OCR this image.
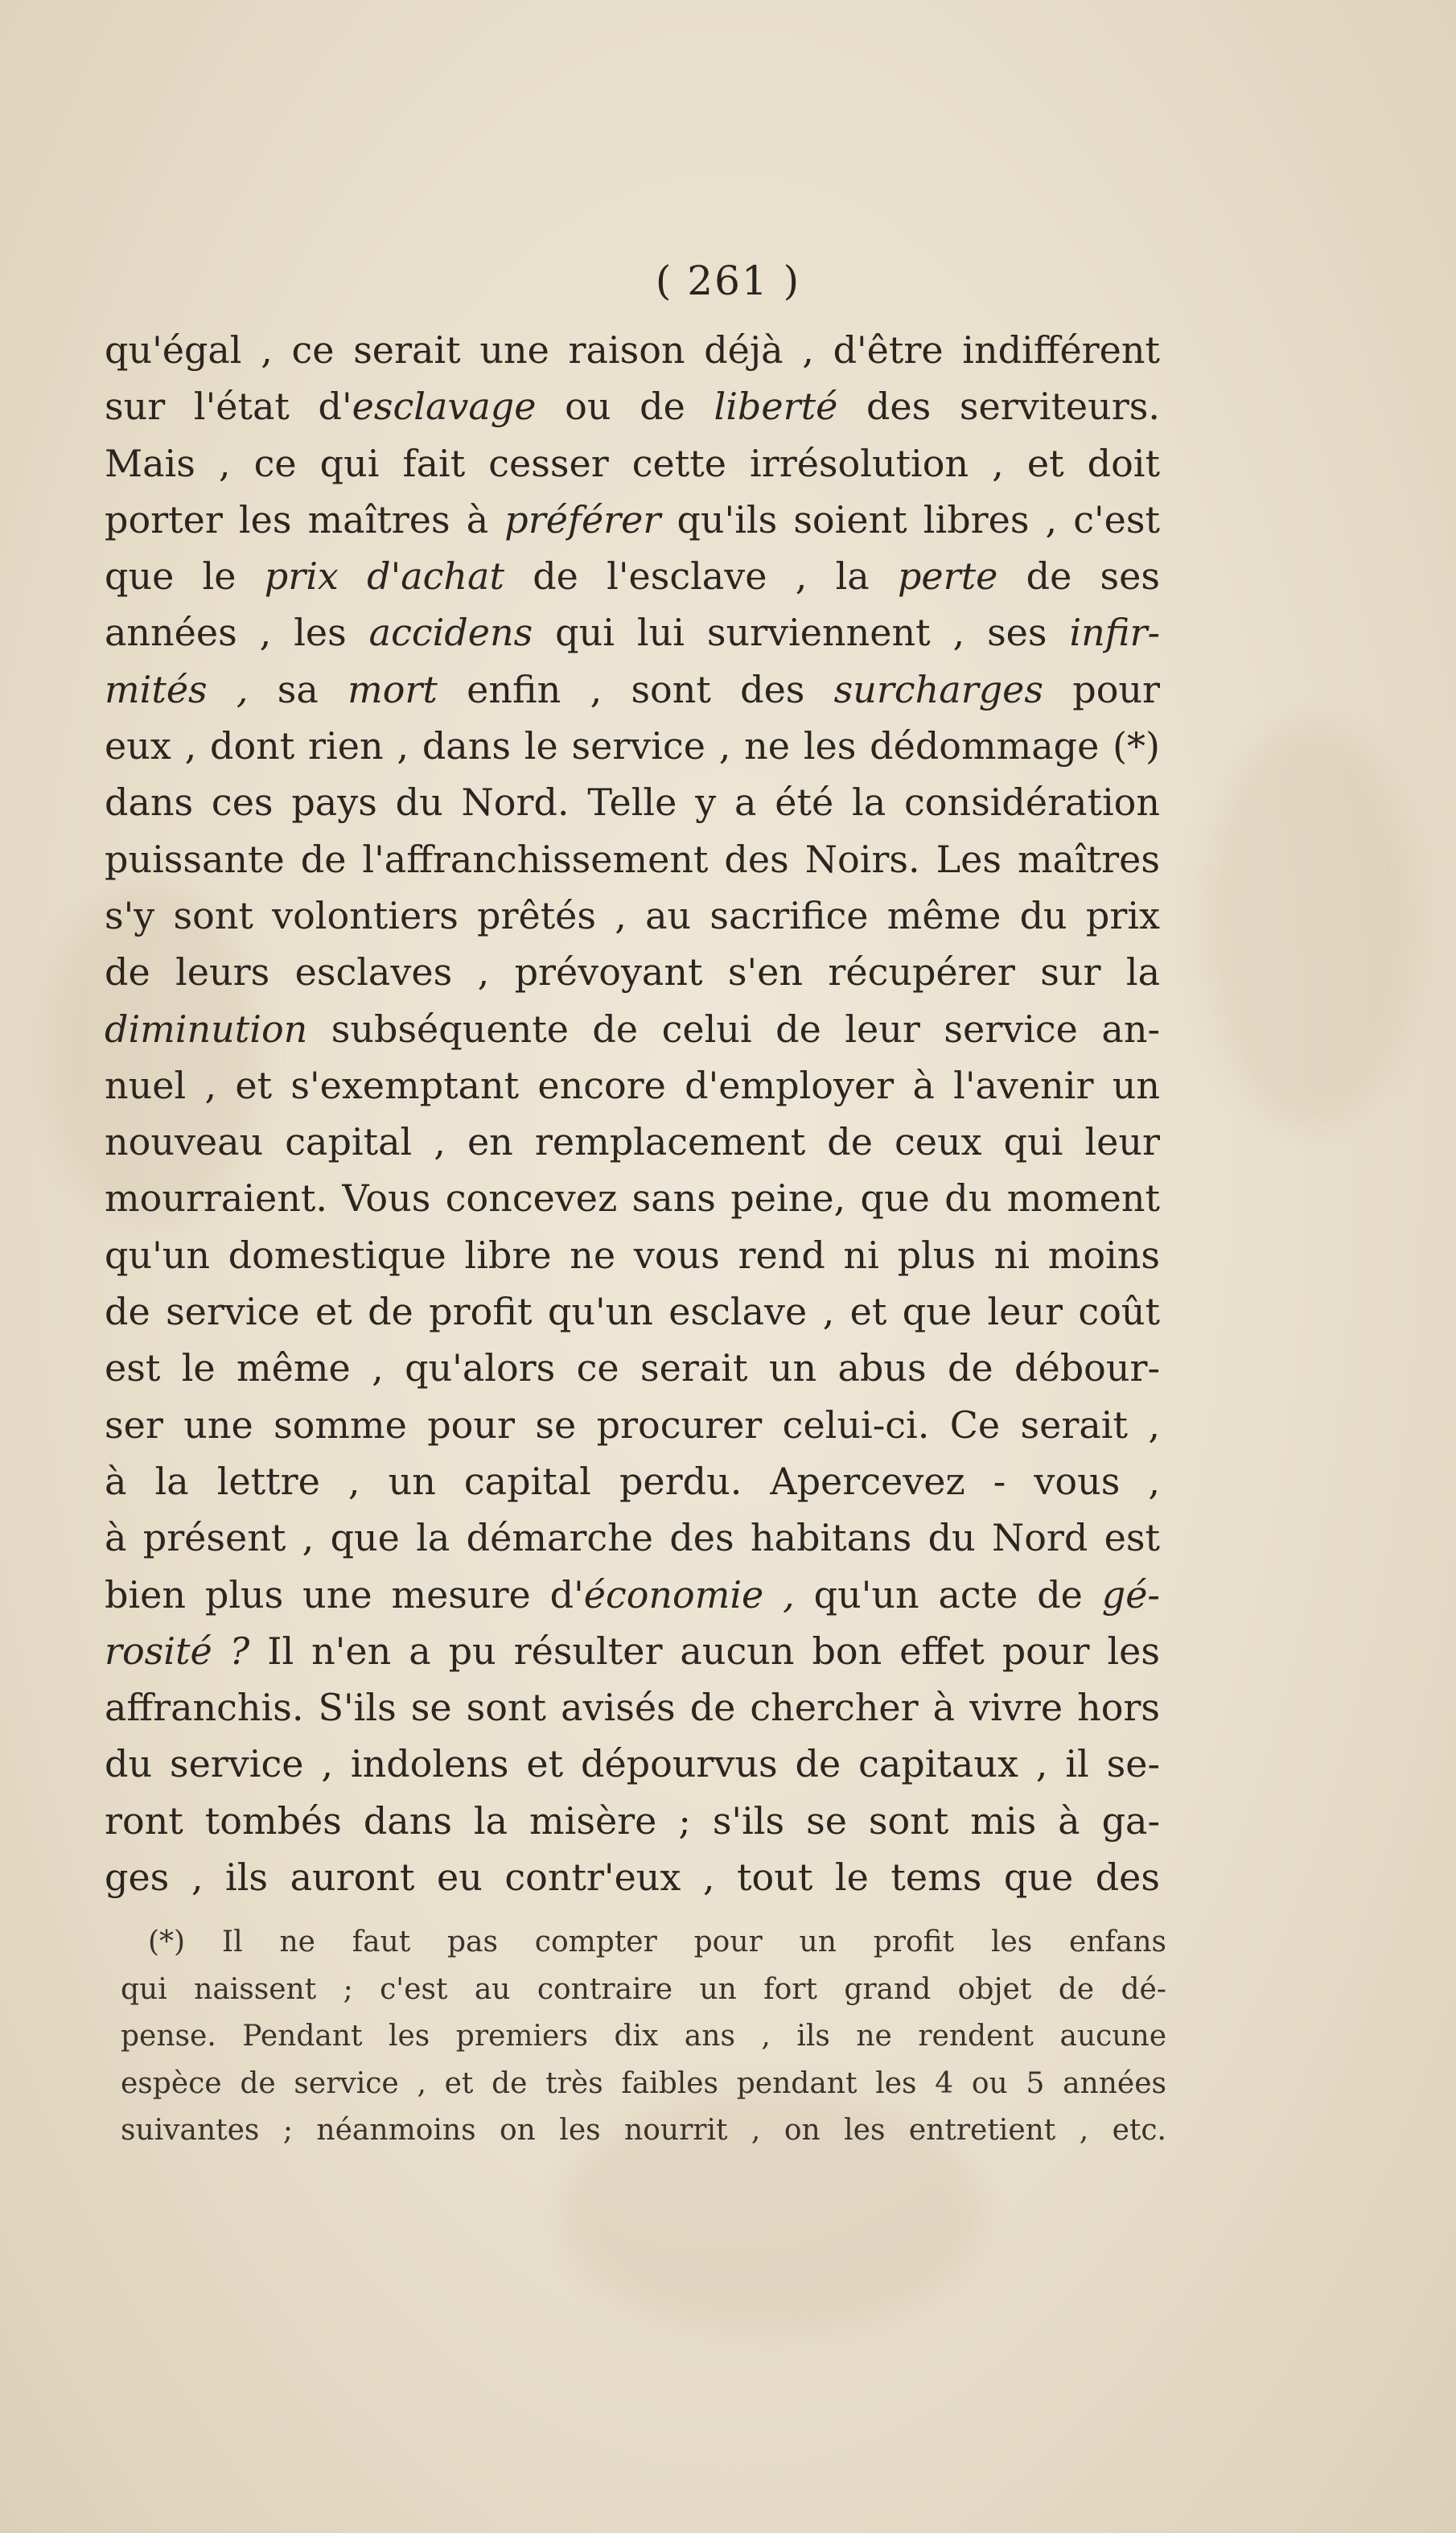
( 261 )
qu'égal , ce serait une raison déjà , d'être indifférent
sur l'état d'esclavage ou de liberté des serviteurs.
Mais , ce qui fait cesser cette irrésolution , et doit
porter les maîtres à préférer qu'ils soient libres , c'est
que le prix d'achat de l'esclave , la perte de ses
années , les accidens qui lui surviennent , ses infir-
mités , sa mort enfin , sont des surcharges pour
eux , dont rien , dans le service , ne les dédommage (*)
dans ces pays du Nord. Telle y a été la considération
puissante de l'affranchissement des Noirs. Les maîtres
s'y sont volontiers prêtés , au sacrifice même du prix
de leurs esclaves , prévoyant s'en récupérer sur la
diminution subséquente de celui de leur service an-
nuel , et s'exemptant encore d'employer à l'avenir un
nouveau capital , en remplacement de ceux qui leur
mourraient. Vous concevez sans peine, que du moment
qu'un domestique libre ne vous rend ni plus ni moins
de service et de profit qu'un esclave , et que leur coût
est le même , qu'alors ce serait un abus de débour-
ser une somme pour se procurer celui-ci. Ce serait ,
à la lettre , un capital perdu. Apercevez - vous ,
à présent , que la démarche des habitans du Nord est
bien plus une mesure d'économie , qu'un acte de gé-
rosité ? Il n'en a pu résulter aucun bon effet pour les
affranchis. S'ils se sont avisés de chercher à vivre hors
du service , indolens et dépourvus de capitaux , il se-
ront tombés dans la misère ; s'ils se sont mis à ga-
ges , ils auront eu contr'eux , tout le tems que des
(*) Il ne faut pas compter pour un profit les enfans
qui naissent ; c'est au contraire un fort grand objet de dé-
pense. Pendant les premiers dix ans , ils ne rendent aucune
espèce de service , et de très faibles pendant les 4 ou 5 années
suivantes ; néanmoins on les nourrit , on les entretient , etc.
